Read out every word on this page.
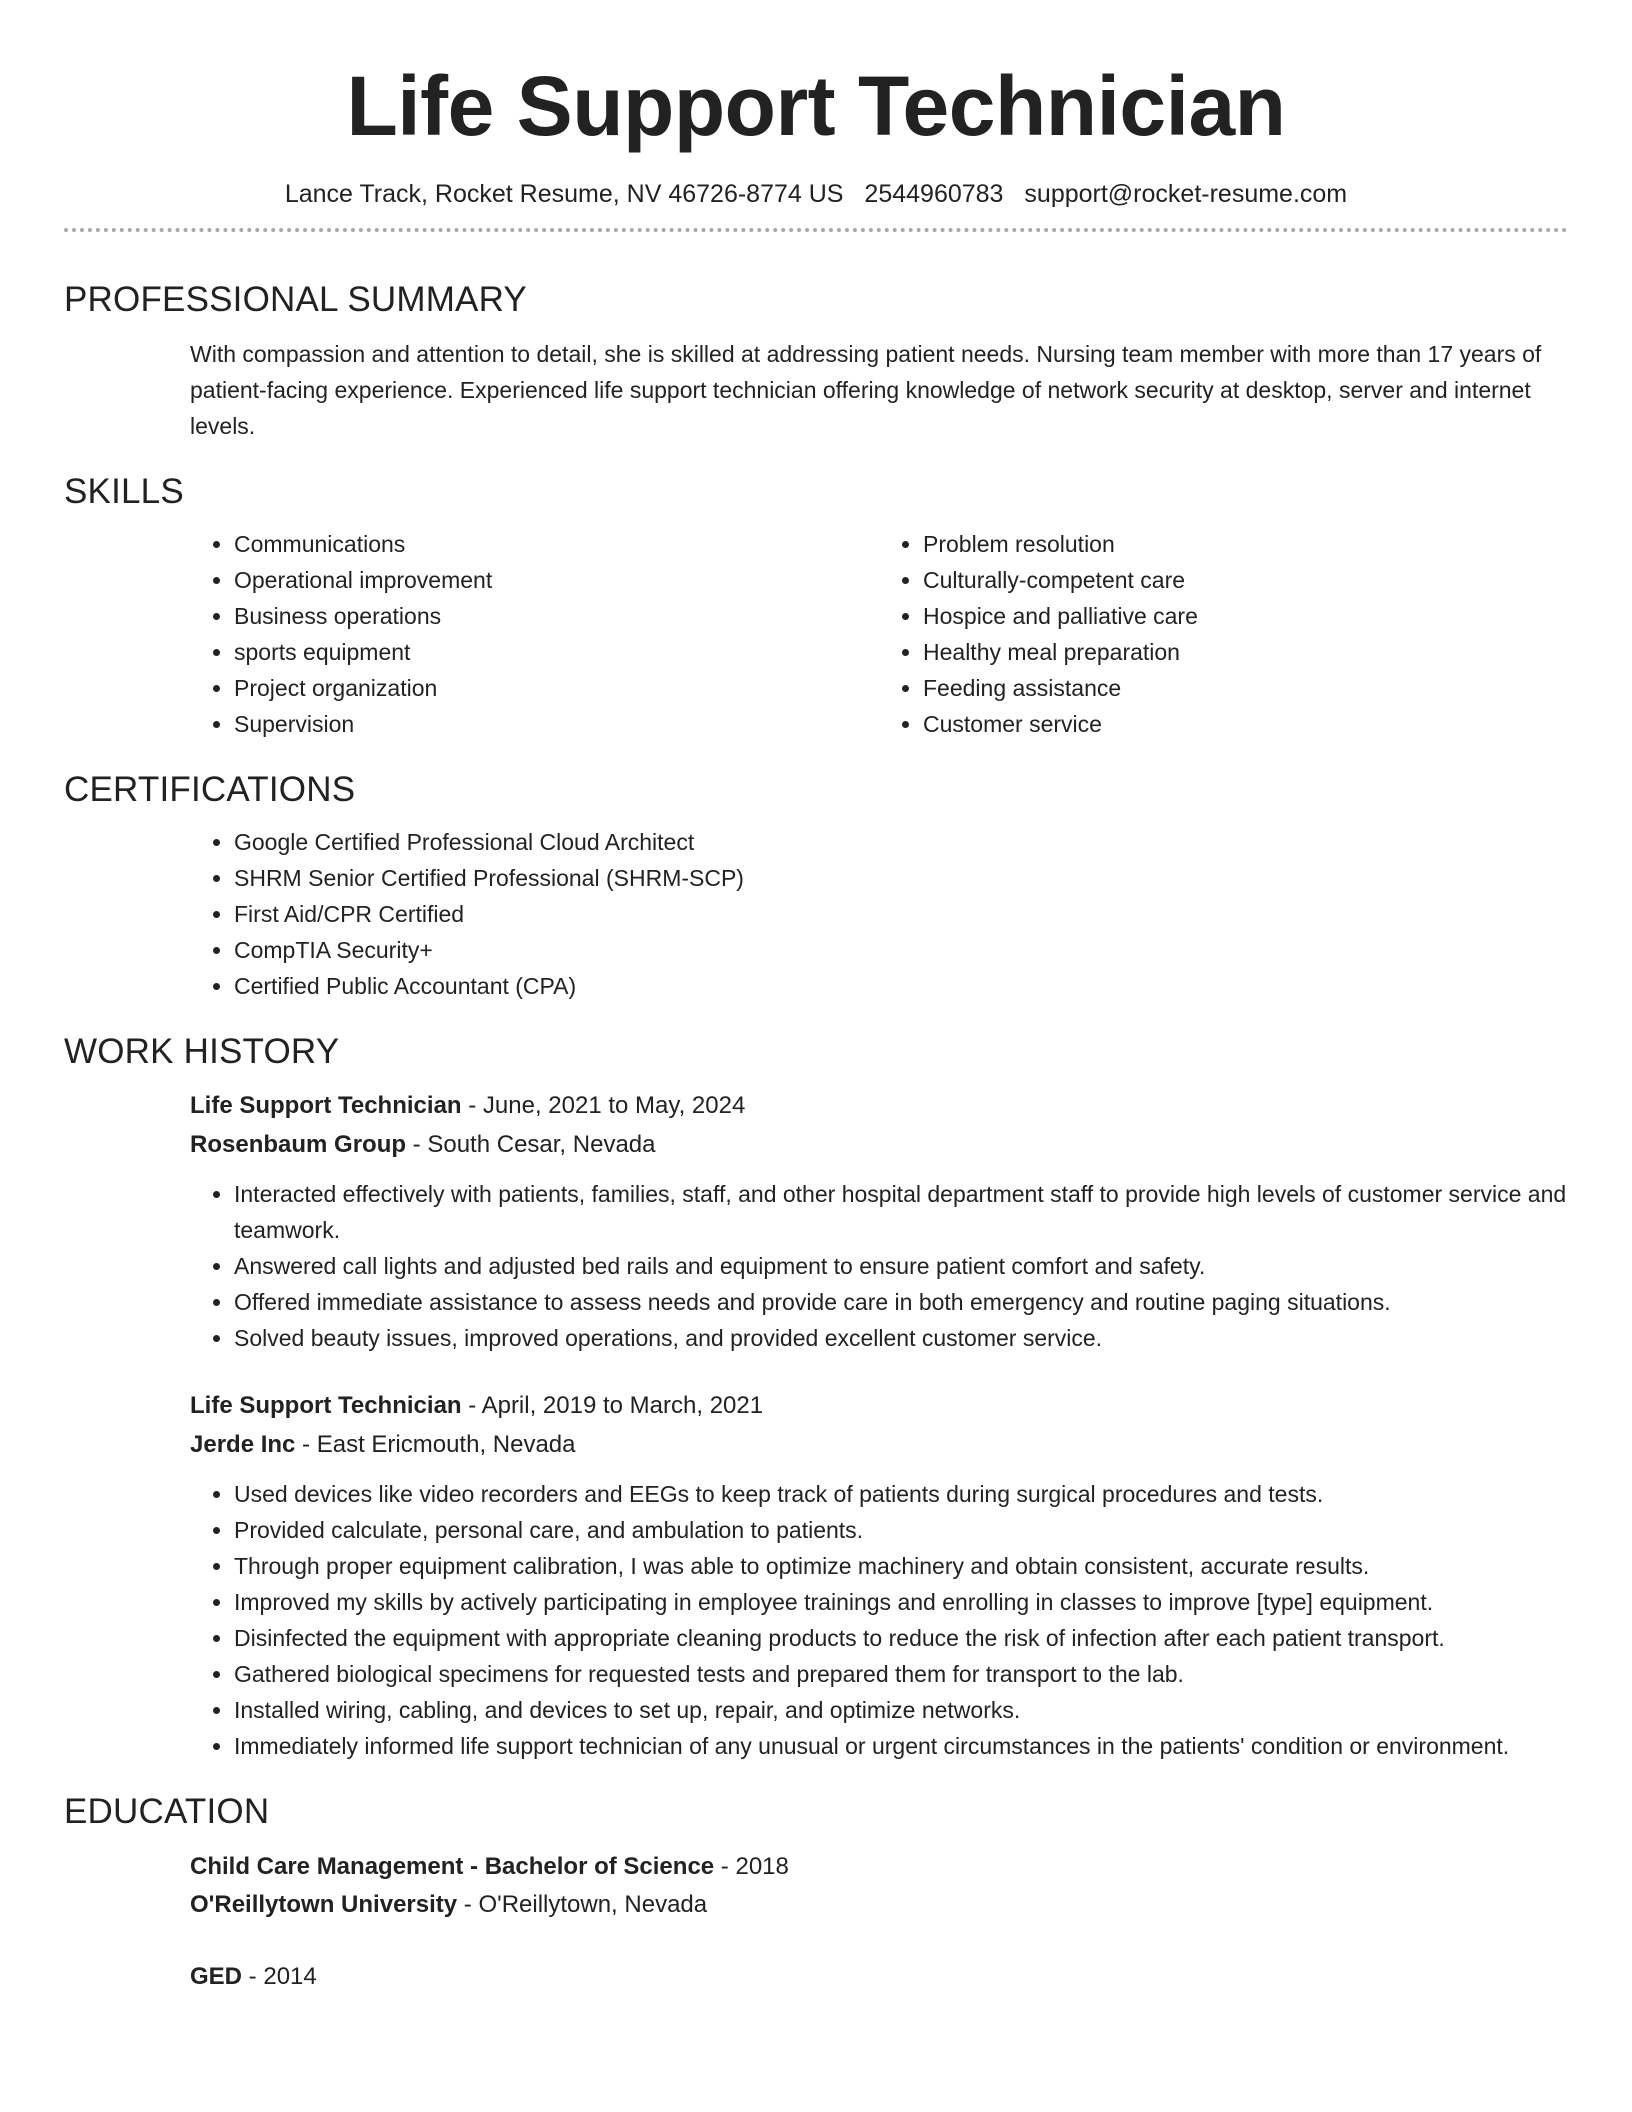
Life Support Technician
Lance Track, Rocket Resume, NV 46726-8774 US 2544960783 support@rocket-resume.com
PROFESSIONAL SUMMARY
With compassion and attention to detail, she is skilled at addressing patient needs. Nursing team member with more than 17 years of patient-facing experience. Experienced life support technician offering knowledge of network security at desktop, server and internet levels.
SKILLS
• Communications
• Operational improvement
• Business operations
• sports equipment
• Project organization
• Supervision
• Problem resolution
• Culturally-competent care
• Hospice and palliative care
• Healthy meal preparation
• Feeding assistance
• Customer service
CERTIFICATIONS
• Google Certified Professional Cloud Architect
• SHRM Senior Certified Professional (SHRM-SCP)
• First Aid/CPR Certified
• CompTIA Security+
• Certified Public Accountant (CPA)
WORK HISTORY
Life Support Technician - June, 2021 to May, 2024
Rosenbaum Group - South Cesar, Nevada
• Interacted effectively with patients, families, staff, and other hospital department staff to provide high levels of customer service and teamwork.
• Answered call lights and adjusted bed rails and equipment to ensure patient comfort and safety.
• Offered immediate assistance to assess needs and provide care in both emergency and routine paging situations.
• Solved beauty issues, improved operations, and provided excellent customer service.
Life Support Technician - April, 2019 to March, 2021
Jerde Inc - East Ericmouth, Nevada
• Used devices like video recorders and EEGs to keep track of patients during surgical procedures and tests.
• Provided calculate, personal care, and ambulation to patients.
• Through proper equipment calibration, I was able to optimize machinery and obtain consistent, accurate results.
• Improved my skills by actively participating in employee trainings and enrolling in classes to improve [type] equipment.
• Disinfected the equipment with appropriate cleaning products to reduce the risk of infection after each patient transport.
• Gathered biological specimens for requested tests and prepared them for transport to the lab.
• Installed wiring, cabling, and devices to set up, repair, and optimize networks.
• Immediately informed life support technician of any unusual or urgent circumstances in the patients' condition or environment.
EDUCATION
Child Care Management - Bachelor of Science - 2018
O'Reillytown University - O'Reillytown, Nevada
GED - 2014
